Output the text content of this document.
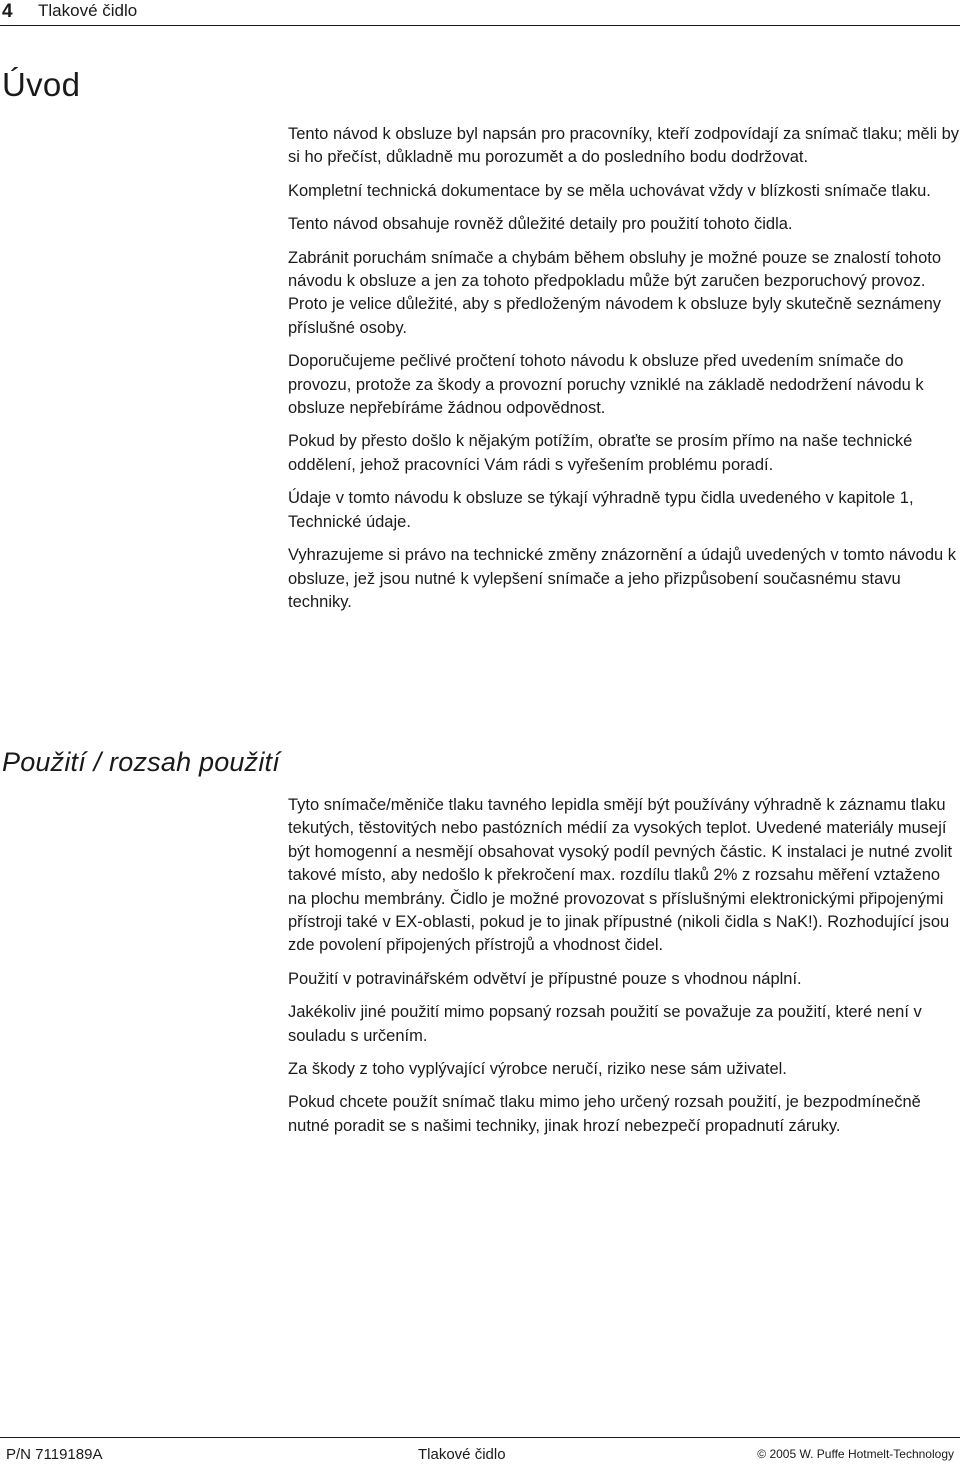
4 Tlakové čidlo
Úvod

Tento návod k obsluze byl napsán pro pracovníky, kteří zodpovídají za snímač tlaku; měli by si ho přečíst, důkladně mu porozumět a do posledního bodu dodržovat.

Kompletní technická dokumentace by se měla uchovávat vždy v blízkosti snímače tlaku.

Tento návod obsahuje rovněž důležité detaily pro použití tohoto čidla.

Zabránit poruchám snímače a chybám během obsluhy je možné pouze se znalostí tohoto návodu k obsluze a jen za tohoto předpokladu může být zaručen bezporuchový provoz. Proto je velice důležité, aby s předloženým návodem k obsluze byly skutečně seznámeny příslušné osoby.

Doporučujeme pečlivé pročtení tohoto návodu k obsluze před uvedením snímače do provozu, protože za škody a provozní poruchy vzniklé na základě nedodržení návodu k obsluze nepřebíráme žádnou odpovědnost.

Pokud by přesto došlo k nějakým potížím, obraťte se prosím přímo na naše technické oddělení, jehož pracovníci Vám rádi s vyřešením problému poradí.

Údaje v tomto návodu k obsluze se týkají výhradně typu čidla uvedeného v kapitole 1, Technické údaje.

Vyhrazujeme si právo na technické změny znázornění a údajů uvedených v tomto návodu k obsluze, jež jsou nutné k vylepšení snímače a jeho přizpůsobení současnému stavu techniky.

Použití / rozsah použití

Tyto snímače/měniče tlaku tavného lepidla smějí být používány výhradně k záznamu tlaku tekutých, těstovitých nebo pastózních médií za vysokých teplot. Uvedené materiály musejí být homogenní a nesmějí obsahovat vysoký podíl pevných částic. K instalaci je nutné zvolit takové místo, aby nedošlo k překročení max. rozdílu tlaků 2% z rozsahu měření vztaženo na plochu membrány. Čidlo je možné provozovat s příslušnými elektronickými připojenými přístroji také v EX-oblasti, pokud je to jinak přípustné (nikoli čidla s NaK!). Rozhodující jsou zde povolení připojených přístrojů a vhodnost čidel.

Použití v potravinářském odvětví je přípustné pouze s vhodnou náplní.

Jakékoliv jiné použití mimo popsaný rozsah použití se považuje za použití, které není v souladu s určením.

Za škody z toho vyplývající výrobce neručí, riziko nese sám uživatel.

Pokud chcete použít snímač tlaku mimo jeho určený rozsah použití, je bezpodmínečně nutné poradit se s našimi techniky, jinak hrozí nebezpečí propadnutí záruky.

P/N 7119189A	Tlakové čidlo	© 2005 W. Puffe Hotmelt-Technology
